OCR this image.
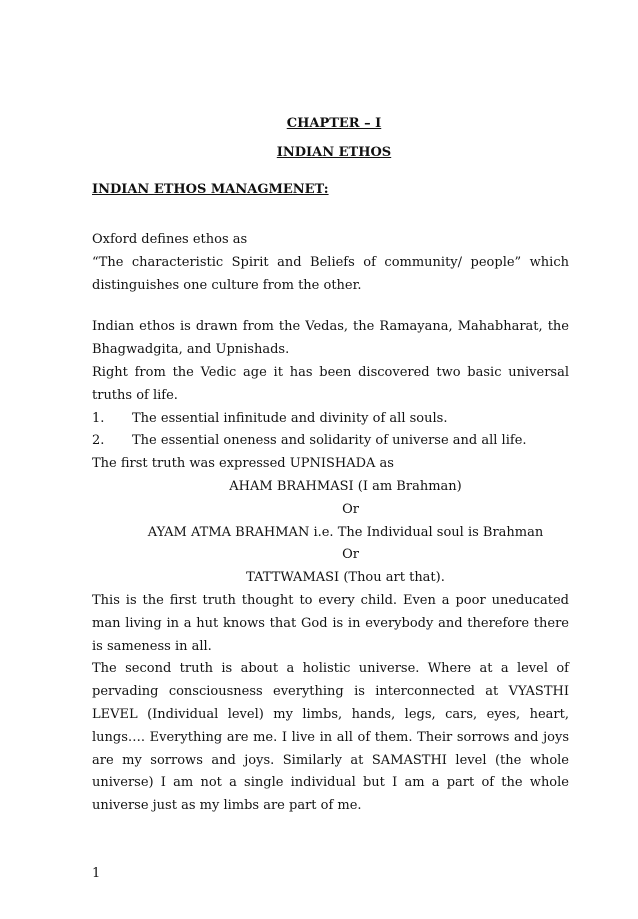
CHAPTER – I
INDIAN ETHOS
INDIAN ETHOS MANAGMENET:

Oxford defines ethos as

“The characteristic Spirit and Beliefs of community/ people” which distinguishes one culture from the other.

Indian ethos is drawn from the Vedas, the Ramayana, Mahabharat, the Bhagwadgita, and Upnishads.

Right from the Vedic age it has been discovered two basic universal truths of life.

1.	The essential infinitude and divinity of all souls.
2.	The essential oneness and solidarity of universe and all life.

The first truth was expressed UPNISHADA as

AHAM BRAHMASI (I am Brahman)

Or

AYAM ATMA BRAHMAN i.e. The Individual soul is Brahman

Or

TATTWAMASI (Thou art that).

This is the first truth thought to every child. Even a poor uneducated man living in a hut knows that God is in everybody and therefore there is sameness in all.

The second truth is about a holistic universe. Where at a level of pervading consciousness everything is interconnected at VYASTHI LEVEL (Individual level) my limbs, hands, legs, cars, eyes, heart, lungs…. Everything are me. I live in all of them. Their sorrows and joys are my sorrows and joys. Similarly at SAMASTHI level (the whole universe) I am not a single individual but I am a part of the whole universe just as my limbs are part of me.

1
